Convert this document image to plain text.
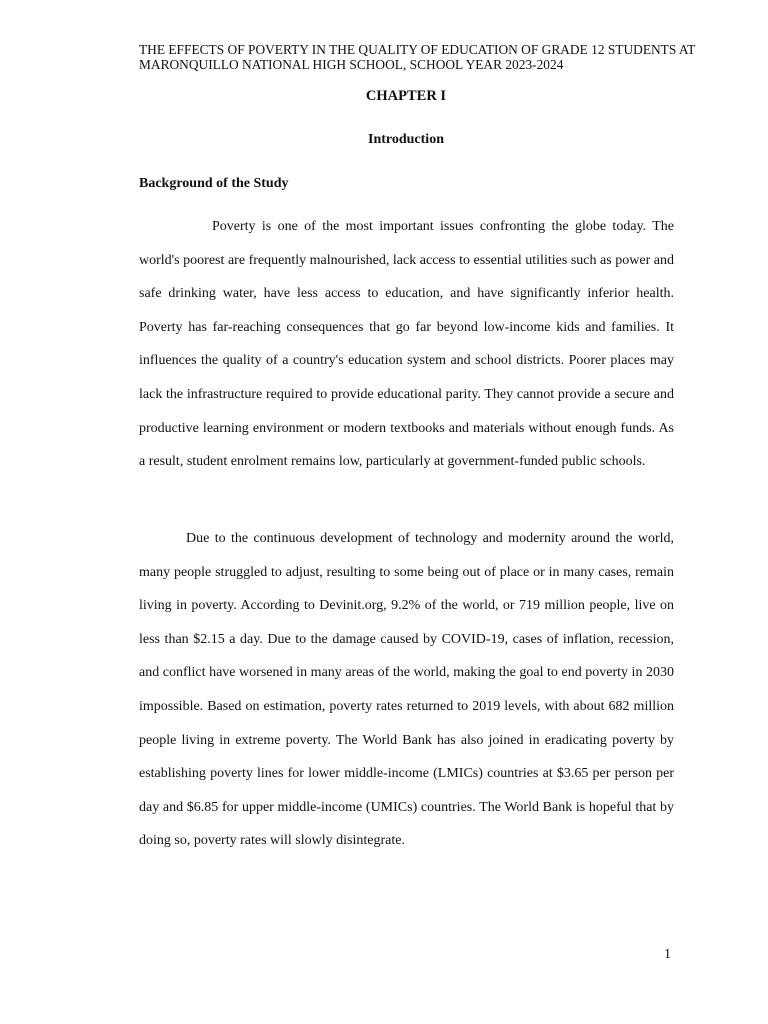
THE EFFECTS OF POVERTY IN THE QUALITY OF EDUCATION OF GRADE 12 STUDENTS AT MARONQUILLO NATIONAL HIGH SCHOOL, SCHOOL YEAR 2023-2024

CHAPTER I
Introduction
Background of the Study

Poverty is one of the most important issues confronting the globe today. The world's poorest are frequently malnourished, lack access to essential utilities such as power and safe drinking water, have less access to education, and have significantly inferior health. Poverty has far-reaching consequences that go far beyond low-income kids and families. It influences the quality of a country's education system and school districts. Poorer places may lack the infrastructure required to provide educational parity. They cannot provide a secure and productive learning environment or modern textbooks and materials without enough funds. As a result, student enrolment remains low, particularly at government-funded public schools.

Due to the continuous development of technology and modernity around the world, many people struggled to adjust, resulting to some being out of place or in many cases, remain living in poverty. According to Devinit.org, 9.2% of the world, or 719 million people, live on less than $2.15 a day. Due to the damage caused by COVID-19, cases of inflation, recession, and conflict have worsened in many areas of the world, making the goal to end poverty in 2030 impossible. Based on estimation, poverty rates returned to 2019 levels, with about 682 million people living in extreme poverty. The World Bank has also joined in eradicating poverty by establishing poverty lines for lower middle-income (LMICs) countries at $3.65 per person per day and $6.85 for upper middle-income (UMICs) countries. The World Bank is hopeful that by doing so, poverty rates will slowly disintegrate.

1
